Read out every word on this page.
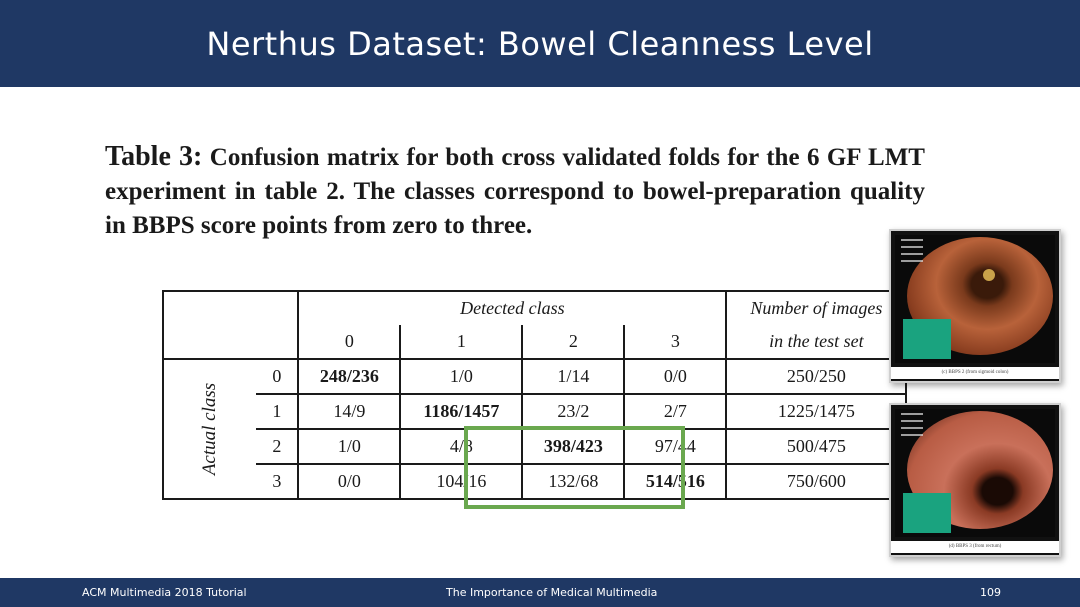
Nerthus Dataset: Bowel Cleanness Level
Table 3: Confusion matrix for both cross validated folds for the 6 GF LMT experiment in table 2. The classes correspond to bowel-preparation quality in BBPS score points from zero to three.
		Detected class				Number of images
		0	1	2	3	in the test set
Actual class	0	248/236	1/0	1/14	0/0	250/250
	1	14/9	1186/1457	23/2	2/7	1225/1475
	2	1/0	4/8	398/423	97/44	500/475
	3	0/0	104/16	132/68	514/516	750/600
(c) BBPS 2 (from sigmoid colon)
(d) BBPS 3 (from rectum)
ACM Multimedia 2018 Tutorial	The Importance of Medical Multimedia	109
